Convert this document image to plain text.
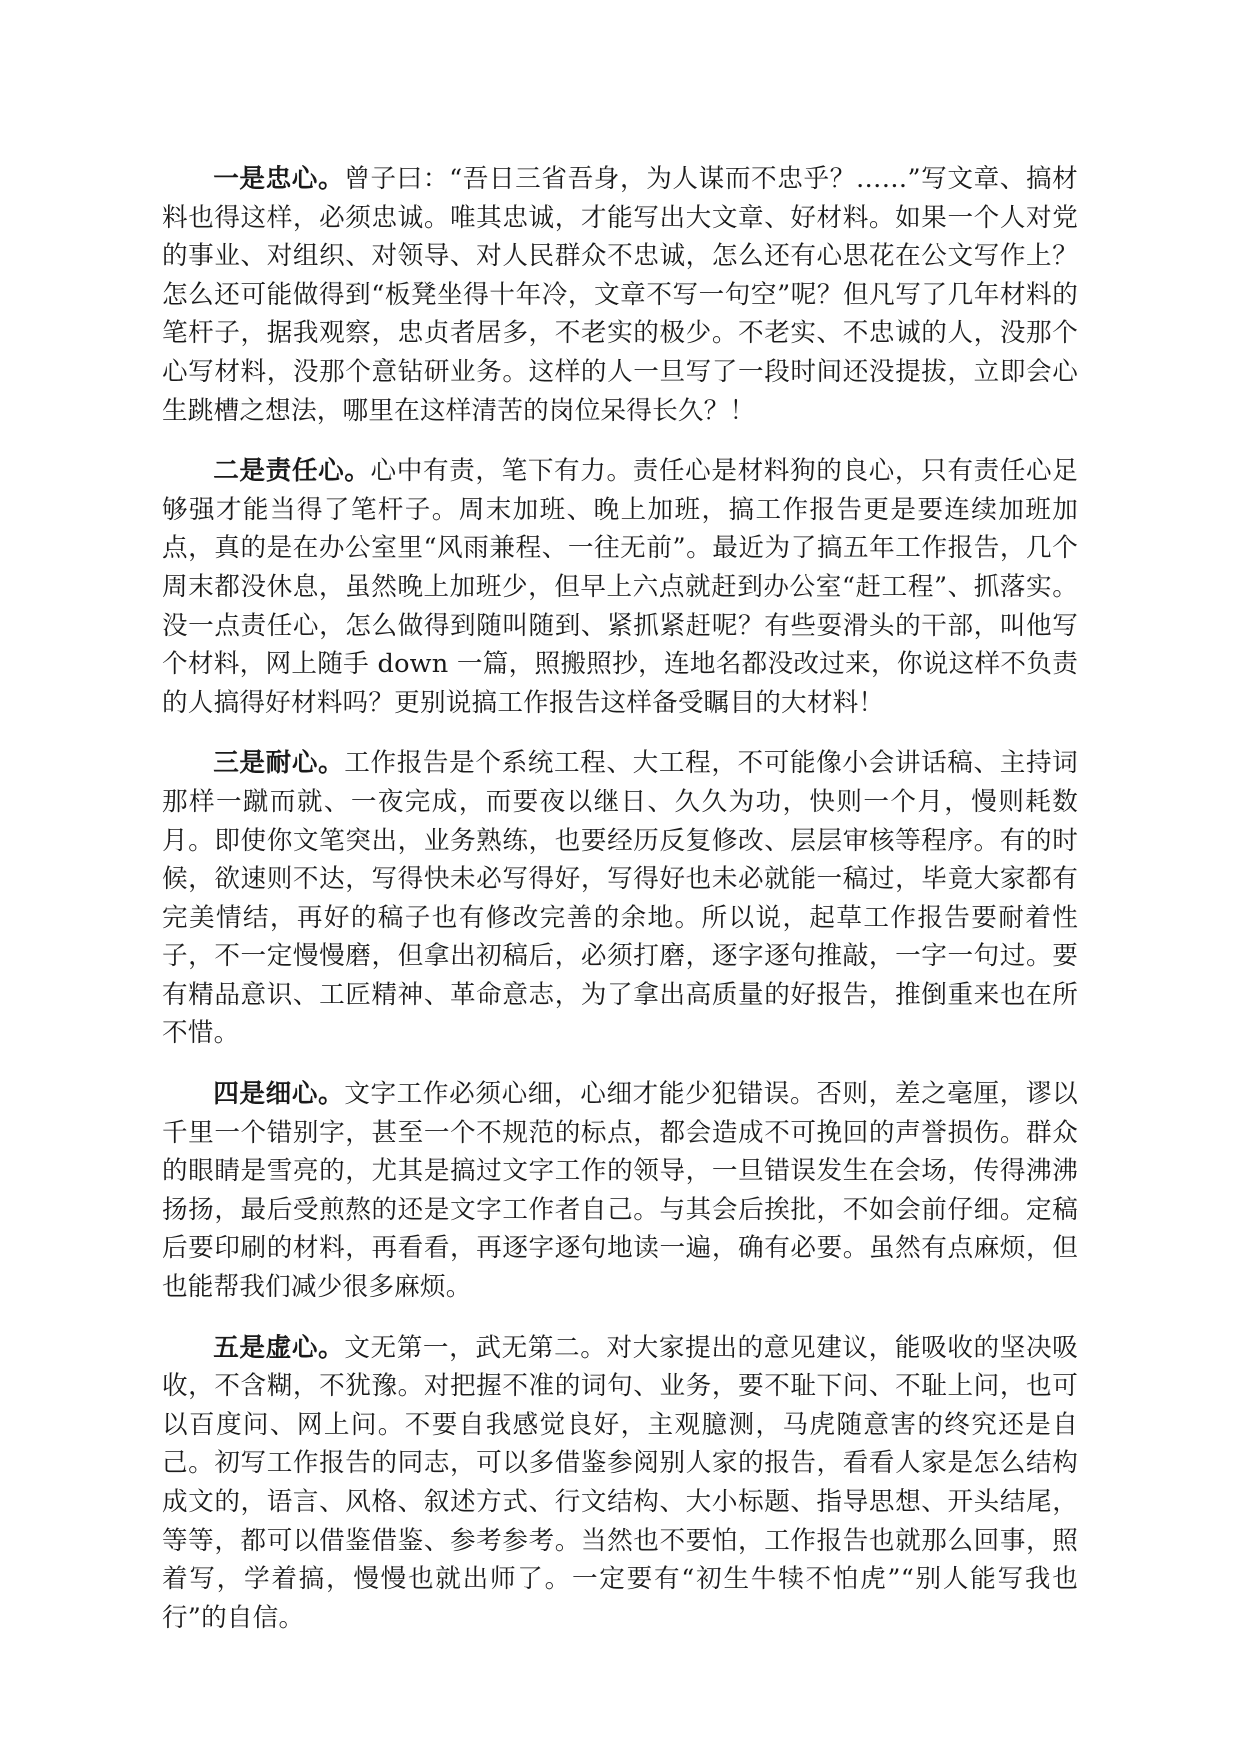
一是忠心。曾子曰：“吾日三省吾身，为人谋而不忠乎？……”写文章、搞材料也得这样，必须忠诚。唯其忠诚，才能写出大文章、好材料。如果一个人对党的事业、对组织、对领导、对人民群众不忠诚，怎么还有心思花在公文写作上？怎么还可能做得到“板凳坐得十年冷，文章不写一句空”呢？但凡写了几年材料的笔杆子，据我观察，忠贞者居多，不老实的极少。不老实、不忠诚的人，没那个心写材料，没那个意钻研业务。这样的人一旦写了一段时间还没提拔，立即会心生跳槽之想法，哪里在这样清苦的岗位呆得长久？！

二是责任心。心中有责，笔下有力。责任心是材料狗的良心，只有责任心足够强才能当得了笔杆子。周末加班、晚上加班，搞工作报告更是要连续加班加点，真的是在办公室里“风雨兼程、一往无前”。最近为了搞五年工作报告，几个周末都没休息，虽然晚上加班少，但早上六点就赶到办公室“赶工程”、抓落实。没一点责任心，怎么做得到随叫随到、紧抓紧赶呢？有些耍滑头的干部，叫他写个材料，网上随手 down 一篇，照搬照抄，连地名都没改过来，你说这样不负责的人搞得好材料吗？更别说搞工作报告这样备受瞩目的大材料！

三是耐心。工作报告是个系统工程、大工程，不可能像小会讲话稿、主持词那样一蹴而就、一夜完成，而要夜以继日、久久为功，快则一个月，慢则耗数月。即使你文笔突出，业务熟练，也要经历反复修改、层层审核等程序。有的时候，欲速则不达，写得快未必写得好，写得好也未必就能一稿过，毕竟大家都有完美情结，再好的稿子也有修改完善的余地。所以说，起草工作报告要耐着性子，不一定慢慢磨，但拿出初稿后，必须打磨，逐字逐句推敲，一字一句过。要有精品意识、工匠精神、革命意志，为了拿出高质量的好报告，推倒重来也在所不惜。

四是细心。文字工作必须心细，心细才能少犯错误。否则，差之毫厘，谬以千里一个错别字，甚至一个不规范的标点，都会造成不可挽回的声誉损伤。群众的眼睛是雪亮的，尤其是搞过文字工作的领导，一旦错误发生在会场，传得沸沸扬扬，最后受煎熬的还是文字工作者自己。与其会后挨批，不如会前仔细。定稿后要印刷的材料，再看看，再逐字逐句地读一遍，确有必要。虽然有点麻烦，但也能帮我们减少很多麻烦。

五是虚心。文无第一，武无第二。对大家提出的意见建议，能吸收的坚决吸收，不含糊，不犹豫。对把握不准的词句、业务，要不耻下问、不耻上问，也可以百度问、网上问。不要自我感觉良好，主观臆测，马虎随意害的终究还是自己。初写工作报告的同志，可以多借鉴参阅别人家的报告，看看人家是怎么结构成文的，语言、风格、叙述方式、行文结构、大小标题、指导思想、开头结尾，等等，都可以借鉴借鉴、参考参考。当然也不要怕，工作报告也就那么回事，照着写，学着搞，慢慢也就出师了。一定要有“初生牛犊不怕虎”“别人能写我也行”的自信。
